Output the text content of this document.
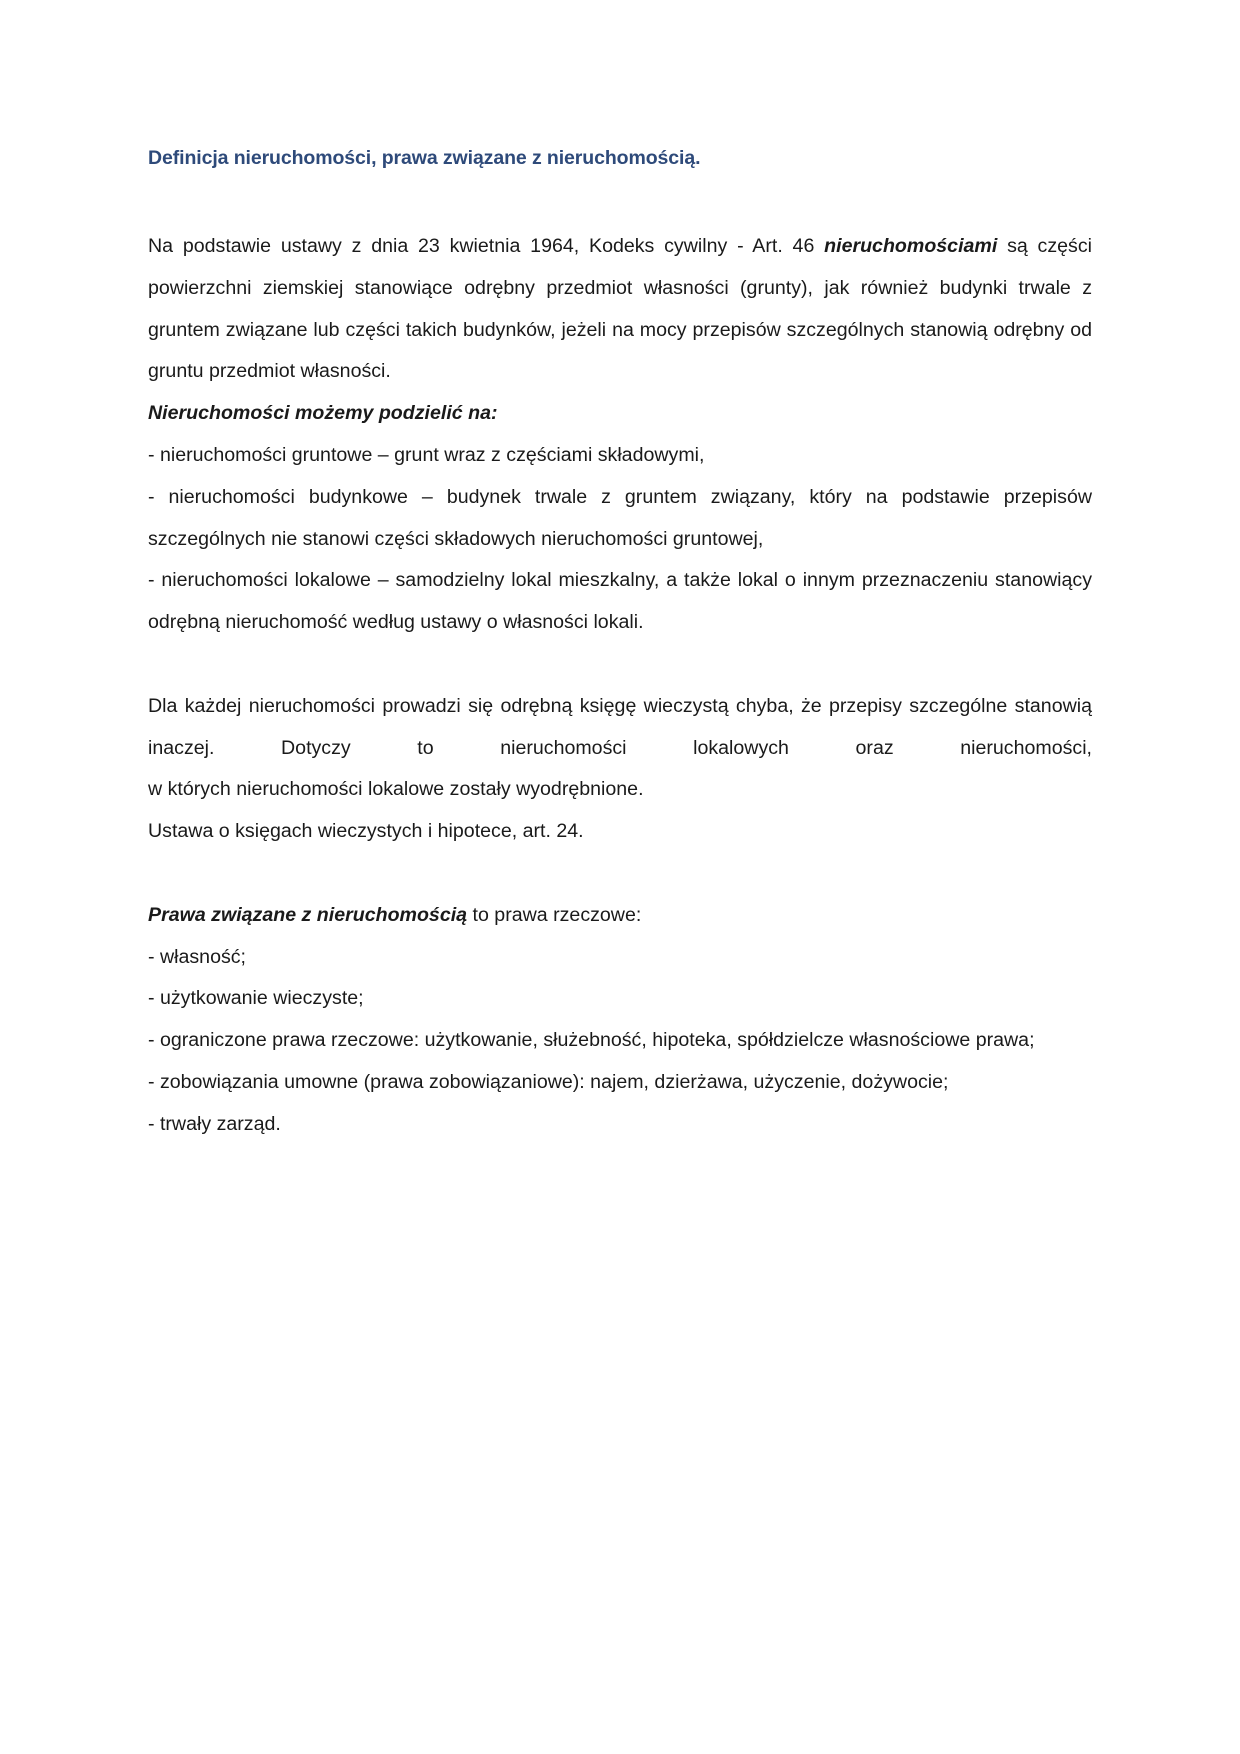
Definicja nieruchomości, prawa związane z nieruchomością.

Na podstawie ustawy z dnia 23 kwietnia 1964, Kodeks cywilny - Art. 46 nieruchomościami są części powierzchni ziemskiej stanowiące odrębny przedmiot własności (grunty), jak również budynki trwale z gruntem związane lub części takich budynków, jeżeli na mocy przepisów szczególnych stanowią odrębny od gruntu przedmiot własności.

Nieruchomości możemy podzielić na:

- nieruchomości gruntowe – grunt wraz z częściami składowymi,

- nieruchomości budynkowe – budynek trwale z gruntem związany, który na podstawie przepisów szczególnych nie stanowi części składowych nieruchomości gruntowej,

- nieruchomości lokalowe – samodzielny lokal mieszkalny, a także lokal o innym przeznaczeniu stanowiący odrębną nieruchomość według ustawy o własności lokali.

Dla każdej nieruchomości prowadzi się odrębną księgę wieczystą chyba, że przepisy szczególne stanowią inaczej. Dotyczy to nieruchomości lokalowych oraz nieruchomości,

w których nieruchomości lokalowe zostały wyodrębnione.

Ustawa o księgach wieczystych i hipotece, art. 24.

Prawa związane z nieruchomością to prawa rzeczowe:

- własność;

- użytkowanie wieczyste;

- ograniczone prawa rzeczowe: użytkowanie, służebność, hipoteka, spółdzielcze własnościowe prawa;

- zobowiązania umowne (prawa zobowiązaniowe): najem, dzierżawa, użyczenie, dożywocie;

- trwały zarząd.
